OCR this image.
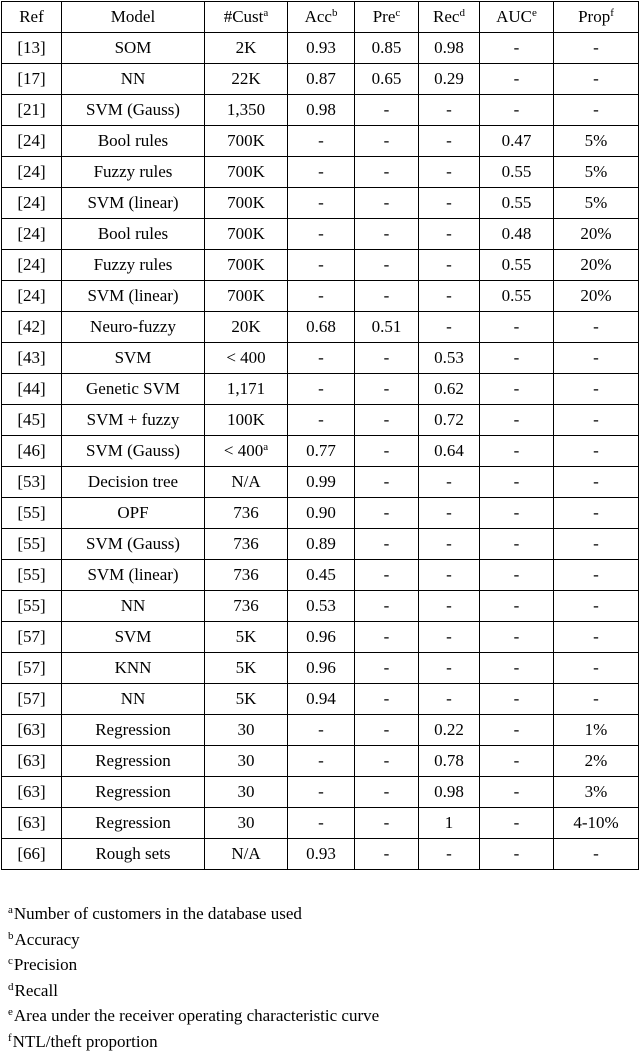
Ref	Model	#Cust$^a$	Acc$^b$	Pre$^c$	Rec$^d$	AUC$^e$	Prop$^f$
[13]	SOM	2K	0.93	0.85	0.98	-	-
[17]	NN	22K	0.87	0.65	0.29	-	-
[21]	SVM (Gauss)	1,350	0.98	-	-	-	-
[24]	Bool rules	700K	-	-	-	0.47	5%
[24]	Fuzzy rules	700K	-	-	-	0.55	5%
[24]	SVM (linear)	700K	-	-	-	0.55	5%
[24]	Bool rules	700K	-	-	-	0.48	20%
[24]	Fuzzy rules	700K	-	-	-	0.55	20%
[24]	SVM (linear)	700K	-	-	-	0.55	20%
[42]	Neuro-fuzzy	20K	0.68	0.51	-	-	-
[43]	SVM	< 400	-	-	0.53	-	-
[44]	Genetic SVM	1,171	-	-	0.62	-	-
[45]	SVM + fuzzy	100K	-	-	0.72	-	-
[46]	SVM (Gauss)	< $400^a$	0.77	-	0.64	-	-
[53]	Decision tree	N/A	0.99	-	-	-	-
[55]	OPF	736	0.90	-	-	-	-
[55]	SVM (Gauss)	736	0.89	-	-	-	-
[55]	SVM (linear)	736	0.45	-	-	-	-
[55]	NN	736	0.53	-	-	-	-
[57]	SVM	5K	0.96	-	-	-	-
[57]	KNN	5K	0.96	-	-	-	-
[57]	NN	5K	0.94	-	-	-	-
[63]	Regression	30	-	-	0.22	-	1%
[63]	Regression	30	-	-	0.78	-	2%
[63]	Regression	30	-	-	0.98	-	3%
[63]	Regression	30	-	-	1	-	4-10%
[66]	Rough sets	N/A	0.93	-	-	-	-
$^a$Number of customers in the database used
$^b$Accuracy
$^c$Precision
$^d$Recall
$^e$Area under the receiver operating characteristic curve
$^f$NTL/theft proportion
